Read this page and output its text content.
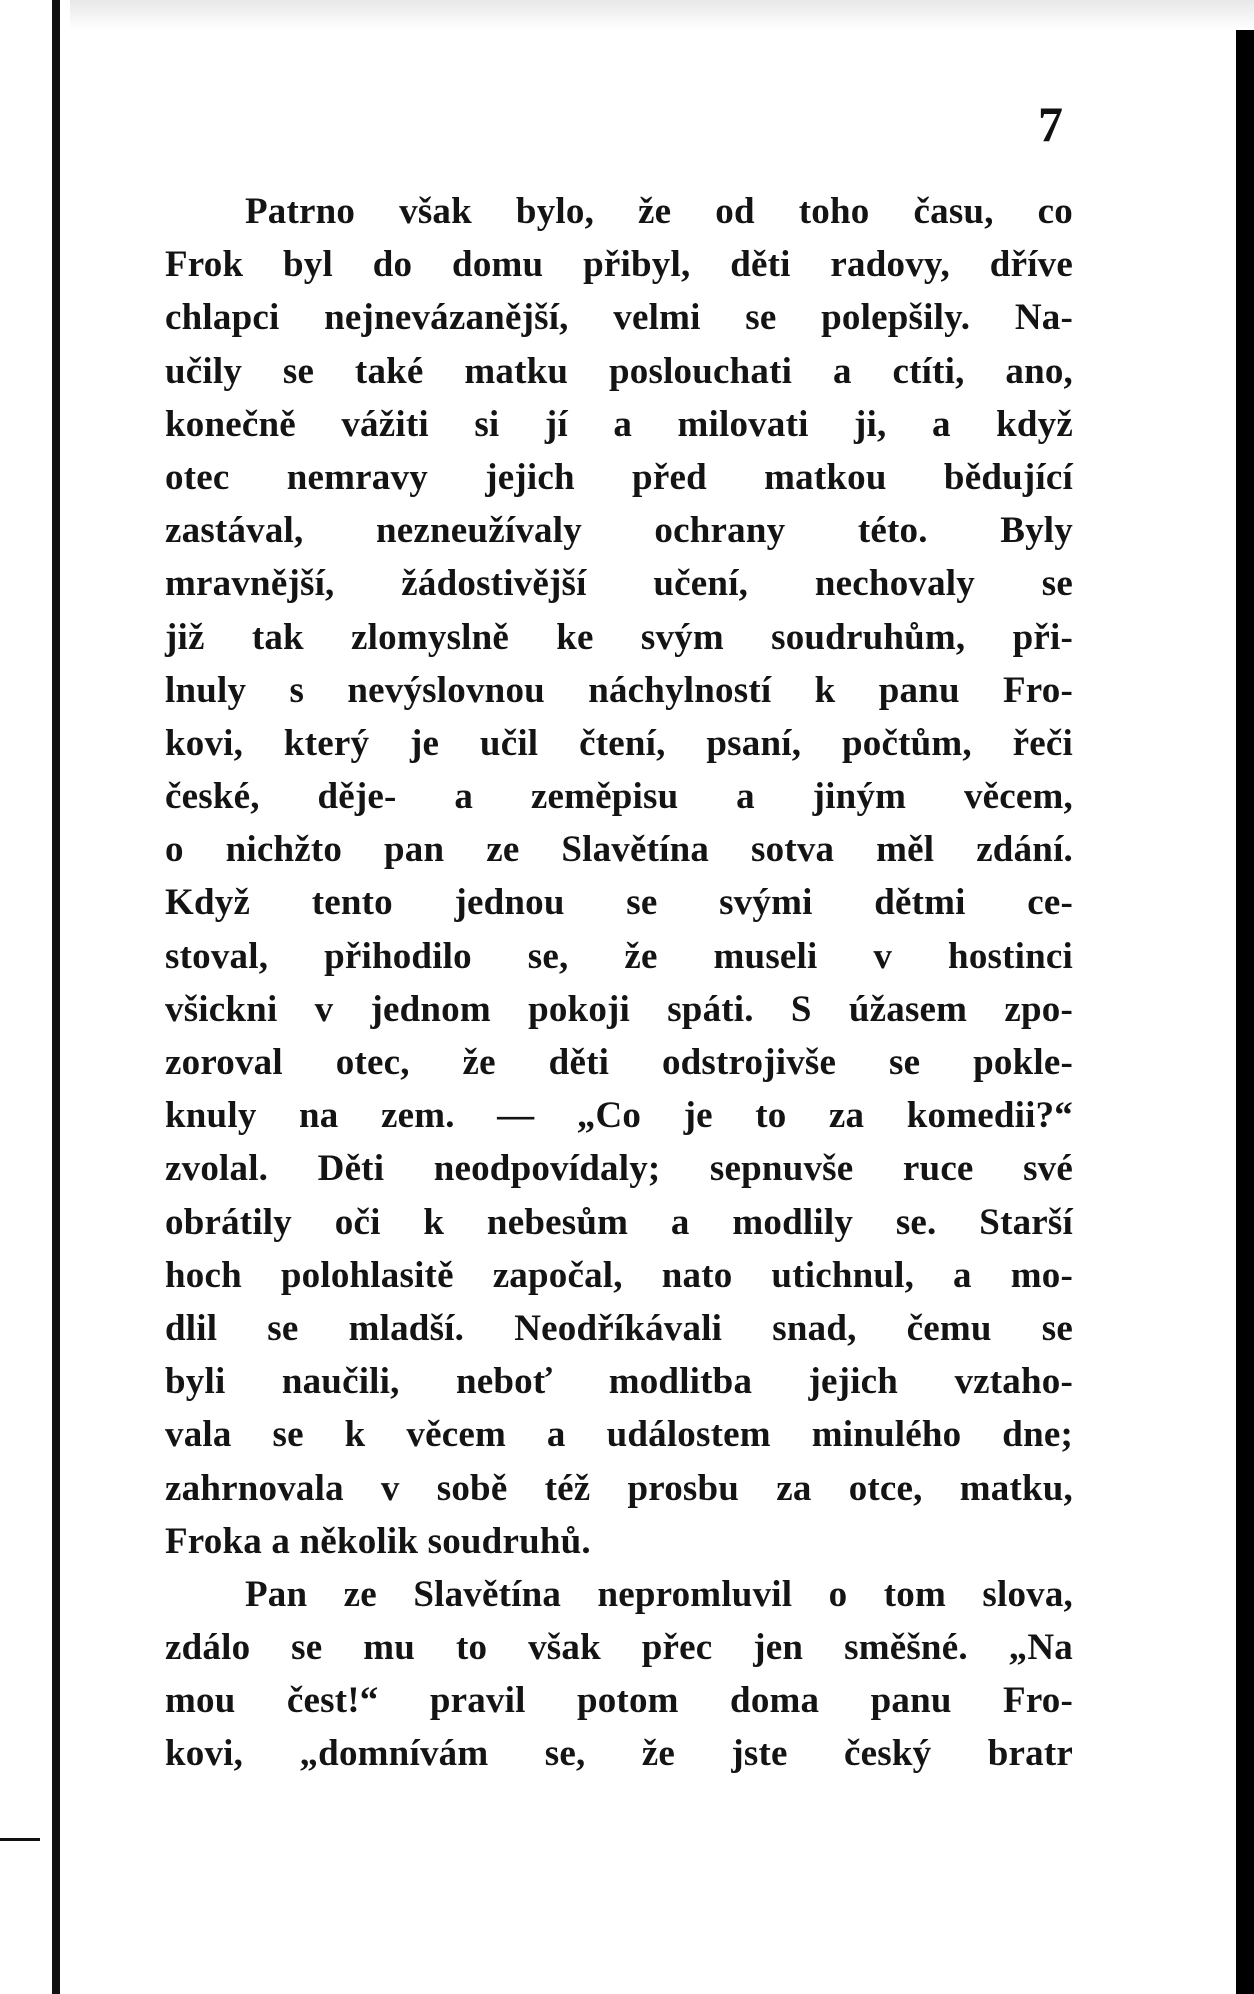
7
Patrno však bylo, že od toho času, co
Frok byl do domu přibyl, děti radovy, dříve
chlapci nejnevázanější, velmi se polepšily. Na-
učily se také matku poslouchati a ctíti, ano,
konečně vážiti si jí a milovati ji, a když
otec nemravy jejich před matkou bědující
zastával, nezneužívaly ochrany této. Byly
mravnější, žádostivější učení, nechovaly se
již tak zlomyslně ke svým soudruhům, při-
lnuly s nevýslovnou náchylností k panu Fro-
kovi, který je učil čtení, psaní, počtům, řeči
české, děje- a zeměpisu a jiným věcem,
o nichžto pan ze Slavětína sotva měl zdání.
Když tento jednou se svými dětmi ce-
stoval, přihodilo se, že museli v hostinci
všickni v jednom pokoji spáti. S úžasem zpo-
zoroval otec, že děti odstrojivše se pokle-
knuly na zem. — „Co je to za komedii?“
zvolal. Děti neodpovídaly; sepnuvše ruce své
obrátily oči k nebesům a modlily se. Starší
hoch polohlasitě započal, nato utichnul, a mo-
dlil se mladší. Neodříkávali snad, čemu se
byli naučili, neboť modlitba jejich vztaho-
vala se k věcem a událostem minulého dne;
zahrnovala v sobě též prosbu za otce, matku,
Froka a několik soudruhů.
Pan ze Slavětína nepromluvil o tom slova,
zdálo se mu to však přec jen směšné. „Na
mou čest!“ pravil potom doma panu Fro-
kovi, „domnívám se, že jste český bratr
